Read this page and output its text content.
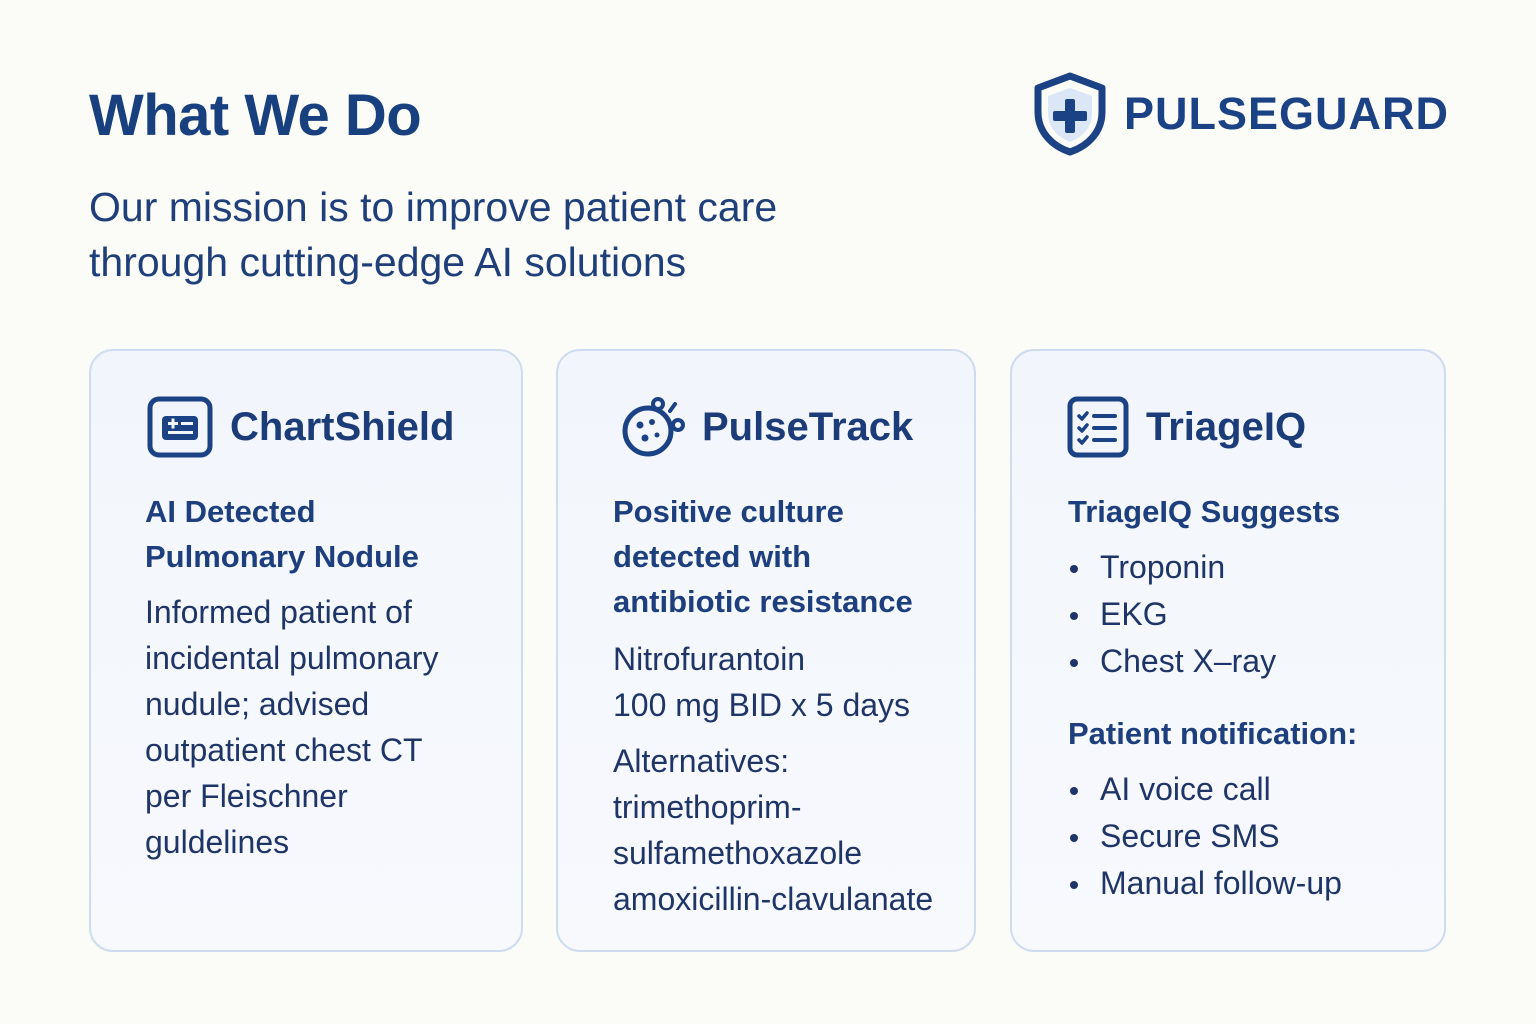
What We Do

Our mission is to improve patient care through cutting-edge AI solutions

PULSEGUARD
ChartShield

AI Detected
Pulmonary Nodule

Informed patient of
incidental pulmonary
nudule; advised
outpatient chest CT
per Fleischner
guldelines

PulseTrack

Positive culture
detected with
antibiotic resistance

Nitrofurantoin
100 mg BID x 5 days

Alternatives:
trimethoprim-
sulfamethoxazole
amoxicillin-clavulanate

TriageIQ

TriageIQ Suggests

Troponin
EKG
Chest X–ray

Patient notification:

AI voice call
Secure SMS
Manual follow-up
